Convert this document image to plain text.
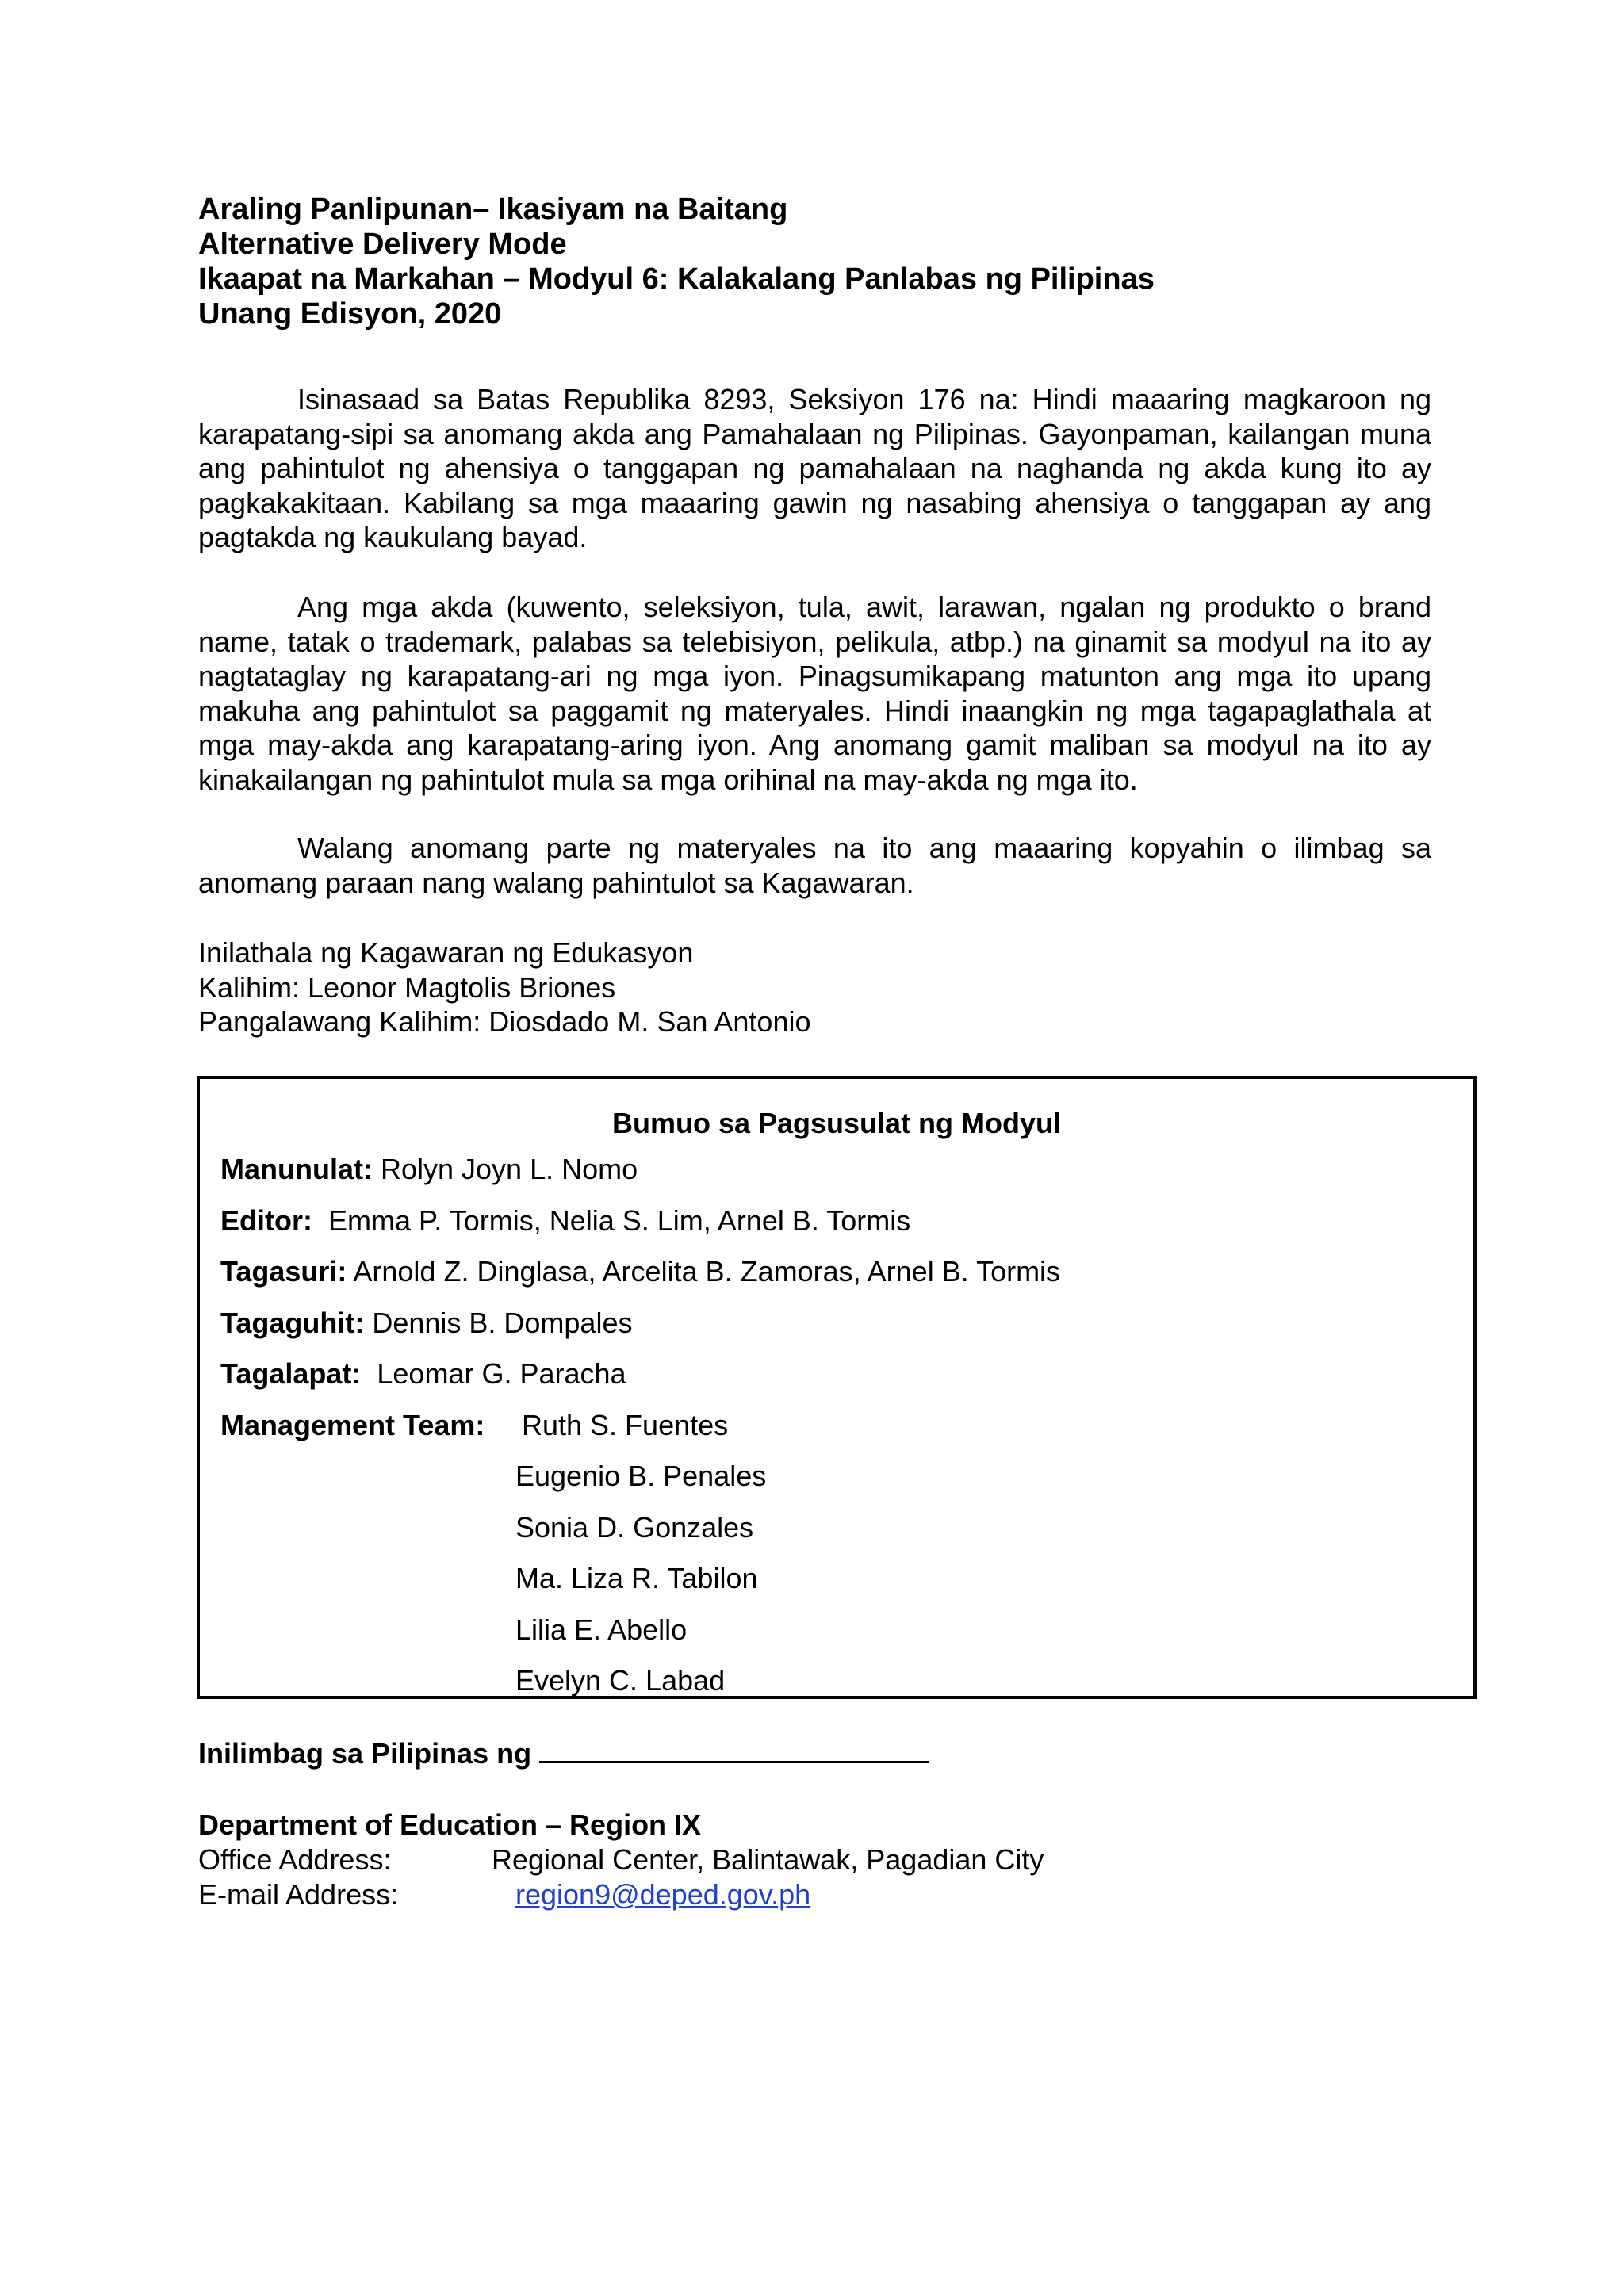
Araling Panlipunan– Ikasiyam na Baitang
Alternative Delivery Mode
Ikaapat na Markahan – Modyul 6: Kalakalang Panlabas ng Pilipinas
Unang Edisyon, 2020

Isinasaad sa Batas Republika 8293, Seksiyon 176 na: Hindi maaaring magkaroon ng karapatang-sipi sa anomang akda ang Pamahalaan ng Pilipinas. Gayonpaman, kailangan muna ang pahintulot ng ahensiya o tanggapan ng pamahalaan na naghanda ng akda kung ito ay pagkakakitaan. Kabilang sa mga maaaring gawin ng nasabing ahensiya o tanggapan ay ang pagtakda ng kaukulang bayad.

Ang mga akda (kuwento, seleksiyon, tula, awit, larawan, ngalan ng produkto o brand name, tatak o trademark, palabas sa telebisiyon, pelikula, atbp.) na ginamit sa modyul na ito ay nagtataglay ng karapatang-ari ng mga iyon. Pinagsumikapang matunton ang mga ito upang makuha ang pahintulot sa paggamit ng materyales. Hindi inaangkin ng mga tagapaglathala at mga may-akda ang karapatang-aring iyon. Ang anomang gamit maliban sa modyul na ito ay kinakailangan ng pahintulot mula sa mga orihinal na may-akda ng mga ito.

Walang anomang parte ng materyales na ito ang maaaring kopyahin o ilimbag sa anomang paraan nang walang pahintulot sa Kagawaran.

Inilathala ng Kagawaran ng Edukasyon
Kalihim: Leonor Magtolis Briones
Pangalawang Kalihim: Diosdado M. San Antonio
Bumuo sa Pagsusulat ng Modyul
Manunulat: Rolyn Joyn L. Nomo
Editor:  Emma P. Tormis, Nelia S. Lim, Arnel B. Tormis
Tagasuri: Arnold Z. Dinglasa, Arcelita B. Zamoras, Arnel B. Tormis
Tagaguhit: Dennis B. Dompales
Tagalapat:  Leomar G. Paracha
Management Team: Ruth S. Fuentes
Eugenio B. Penales
Sonia D. Gonzales
Ma. Liza R. Tabilon
Lilia E. Abello
Evelyn C. Labad
Inilimbag sa Pilipinas ng
Department of Education – Region IX
Office Address:	Regional Center, Balintawak, Pagadian City
E-mail Address:	region9@deped.gov.ph
